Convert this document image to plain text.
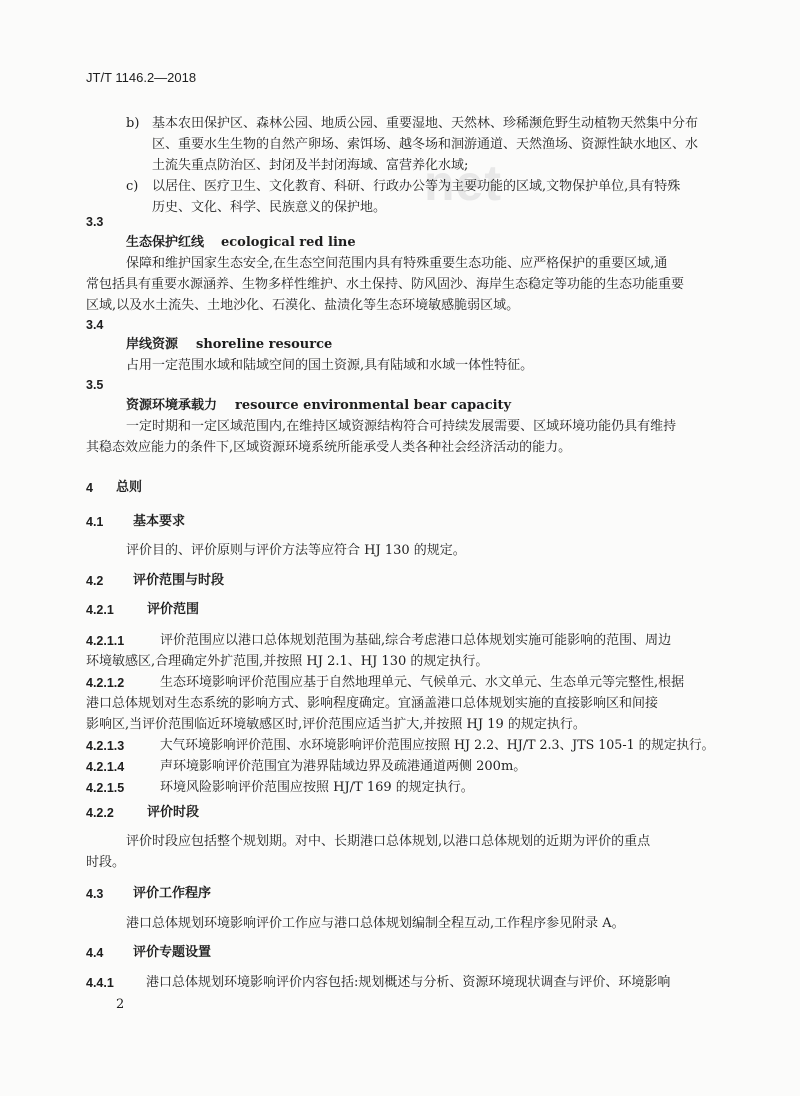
net
JT/T 1146.2—2018
b) 基本农田保护区、森林公园、地质公园、重要湿地、天然林、珍稀濒危野生动植物天然集中分布
区、重要水生生物的自然产卵场、索饵场、越冬场和洄游通道、天然渔场、资源性缺水地区、水
土流失重点防治区、封闭及半封闭海域、富营养化水域;
c) 以居住、医疗卫生、文化教育、科研、行政办公等为主要功能的区域,文物保护单位,具有特殊
历史、文化、科学、民族意义的保护地。
3.3
生态保护红线 ecological red line
保障和维护国家生态安全,在生态空间范围内具有特殊重要生态功能、应严格保护的重要区域,通
常包括具有重要水源涵养、生物多样性维护、水土保持、防风固沙、海岸生态稳定等功能的生态功能重要
区域,以及水土流失、土地沙化、石漠化、盐渍化等生态环境敏感脆弱区域。
3.4
岸线资源 shoreline resource
占用一定范围水域和陆域空间的国土资源,具有陆域和水域一体性特征。
3.5
资源环境承载力 resource environmental bear capacity
一定时期和一定区域范围内,在维持区域资源结构符合可持续发展需要、区域环境功能仍具有维持
其稳态效应能力的条件下,区域资源环境系统所能承受人类各种社会经济活动的能力。
4 总则
4.1 基本要求
评价目的、评价原则与评价方法等应符合 HJ 130 的规定。
4.2 评价范围与时段
4.2.1	评价范围
4.2.1.1	评价范围应以港口总体规划范围为基础,综合考虑港口总体规划实施可能影响的范围、周边
环境敏感区,合理确定外扩范围,并按照 HJ 2.1、HJ 130 的规定执行。
4.2.1.2	生态环境影响评价范围应基于自然地理单元、气候单元、水文单元、生态单元等完整性,根据
港口总体规划对生态系统的影响方式、影响程度确定。宜涵盖港口总体规划实施的直接影响区和间接
影响区,当评价范围临近环境敏感区时,评价范围应适当扩大,并按照 HJ 19 的规定执行。
4.2.1.3	大气环境影响评价范围、水环境影响评价范围应按照 HJ 2.2、HJ/T 2.3、JTS 105-1 的规定执行。
4.2.1.4	声环境影响评价范围宜为港界陆域边界及疏港通道两侧 200m。
4.2.1.5	环境风险影响评价范围应按照 HJ/T 169 的规定执行。
4.2.2	评价时段
评价时段应包括整个规划期。对中、长期港口总体规划,以港口总体规划的近期为评价的重点
时段。
4.3 评价工作程序
港口总体规划环境影响评价工作应与港口总体规划编制全程互动,工作程序参见附录 A。
4.4 评价专题设置
4.4.1 港口总体规划环境影响评价内容包括:规划概述与分析、资源环境现状调查与评价、环境影响
2
